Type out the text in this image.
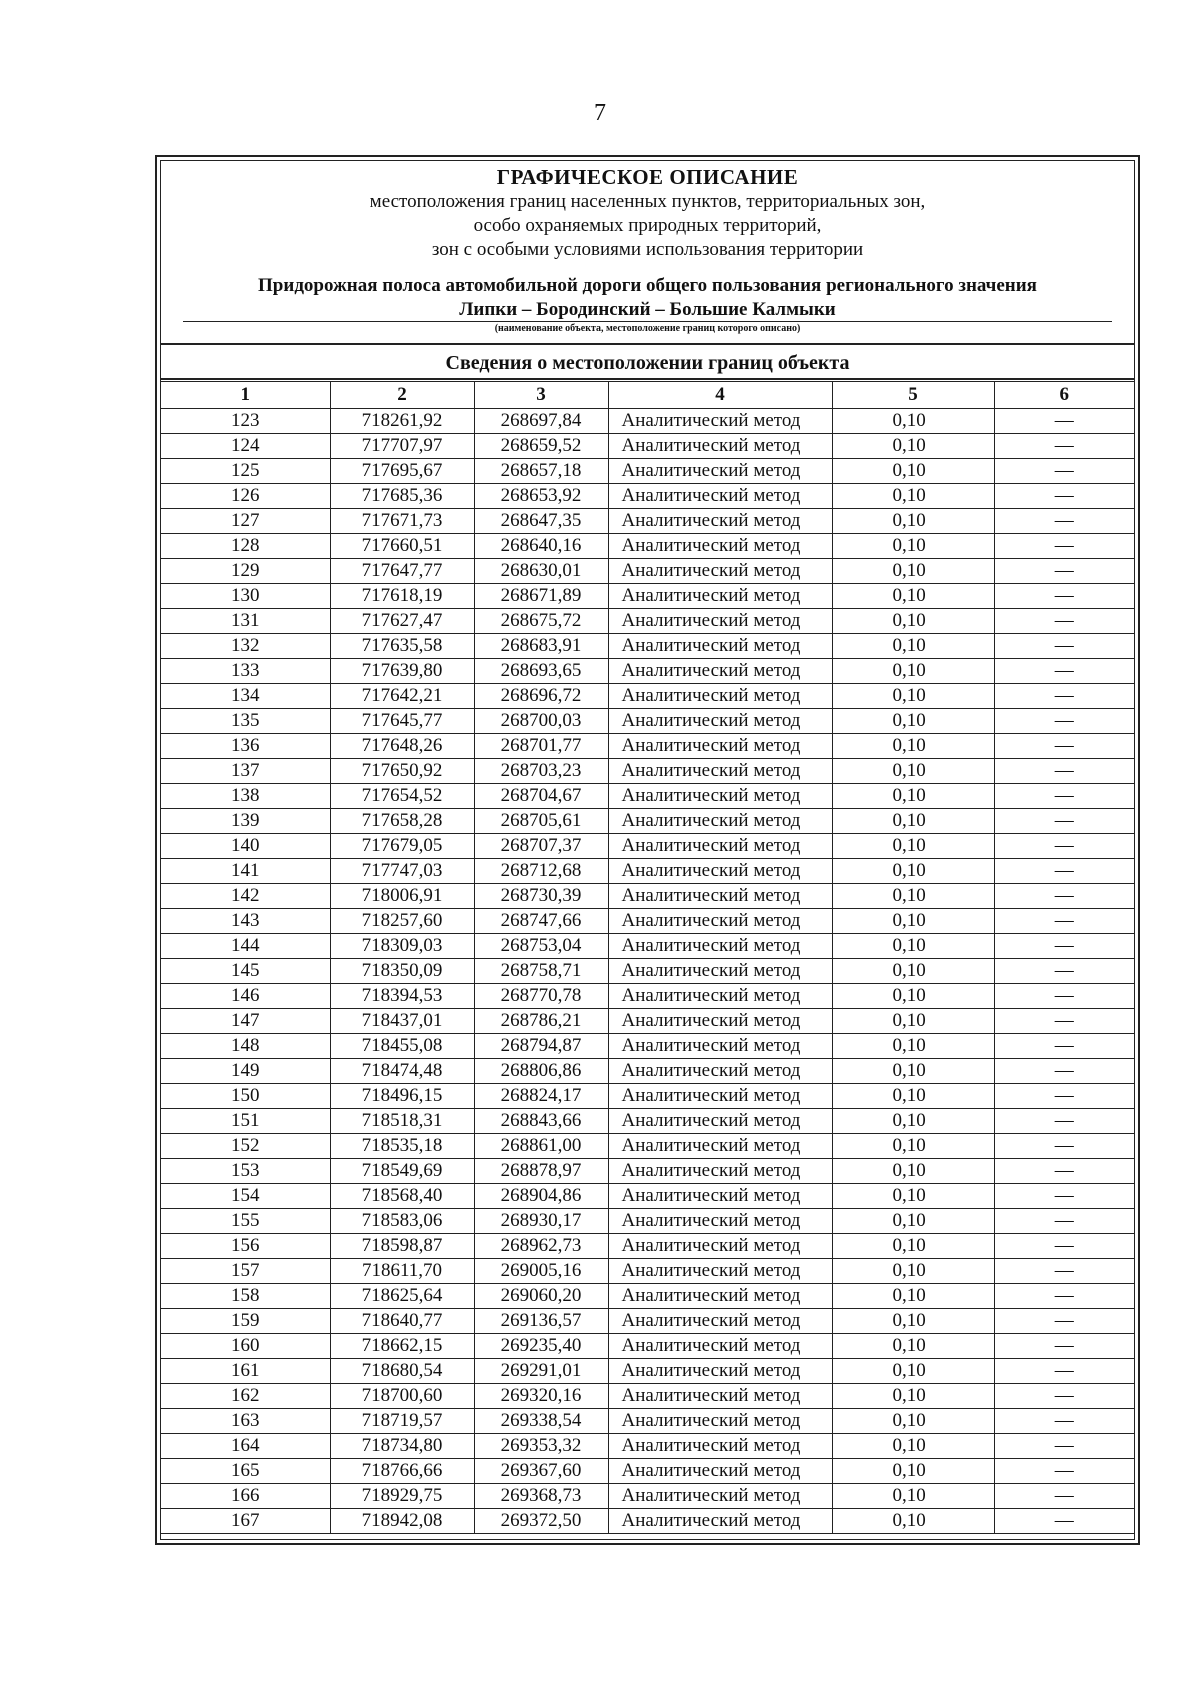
7
ГРАФИЧЕСКОЕ ОПИСАНИЕ
местоположения границ населенных пунктов, территориальных зон,
особо охраняемых природных территорий,
зон с особыми условиями использования территории
Придорожная полоса автомобильной дороги общего пользования регионального значения
Липки – Бородинский – Большие Калмыки
(наименование объекта, местоположение границ которого описано)
Сведения о местоположении границ объекта
1	2	3	4	5	6
123	718261,92	268697,84	Аналитический метод	0,10	—
124	717707,97	268659,52	Аналитический метод	0,10	—
125	717695,67	268657,18	Аналитический метод	0,10	—
126	717685,36	268653,92	Аналитический метод	0,10	—
127	717671,73	268647,35	Аналитический метод	0,10	—
128	717660,51	268640,16	Аналитический метод	0,10	—
129	717647,77	268630,01	Аналитический метод	0,10	—
130	717618,19	268671,89	Аналитический метод	0,10	—
131	717627,47	268675,72	Аналитический метод	0,10	—
132	717635,58	268683,91	Аналитический метод	0,10	—
133	717639,80	268693,65	Аналитический метод	0,10	—
134	717642,21	268696,72	Аналитический метод	0,10	—
135	717645,77	268700,03	Аналитический метод	0,10	—
136	717648,26	268701,77	Аналитический метод	0,10	—
137	717650,92	268703,23	Аналитический метод	0,10	—
138	717654,52	268704,67	Аналитический метод	0,10	—
139	717658,28	268705,61	Аналитический метод	0,10	—
140	717679,05	268707,37	Аналитический метод	0,10	—
141	717747,03	268712,68	Аналитический метод	0,10	—
142	718006,91	268730,39	Аналитический метод	0,10	—
143	718257,60	268747,66	Аналитический метод	0,10	—
144	718309,03	268753,04	Аналитический метод	0,10	—
145	718350,09	268758,71	Аналитический метод	0,10	—
146	718394,53	268770,78	Аналитический метод	0,10	—
147	718437,01	268786,21	Аналитический метод	0,10	—
148	718455,08	268794,87	Аналитический метод	0,10	—
149	718474,48	268806,86	Аналитический метод	0,10	—
150	718496,15	268824,17	Аналитический метод	0,10	—
151	718518,31	268843,66	Аналитический метод	0,10	—
152	718535,18	268861,00	Аналитический метод	0,10	—
153	718549,69	268878,97	Аналитический метод	0,10	—
154	718568,40	268904,86	Аналитический метод	0,10	—
155	718583,06	268930,17	Аналитический метод	0,10	—
156	718598,87	268962,73	Аналитический метод	0,10	—
157	718611,70	269005,16	Аналитический метод	0,10	—
158	718625,64	269060,20	Аналитический метод	0,10	—
159	718640,77	269136,57	Аналитический метод	0,10	—
160	718662,15	269235,40	Аналитический метод	0,10	—
161	718680,54	269291,01	Аналитический метод	0,10	—
162	718700,60	269320,16	Аналитический метод	0,10	—
163	718719,57	269338,54	Аналитический метод	0,10	—
164	718734,80	269353,32	Аналитический метод	0,10	—
165	718766,66	269367,60	Аналитический метод	0,10	—
166	718929,75	269368,73	Аналитический метод	0,10	—
167	718942,08	269372,50	Аналитический метод	0,10	—
